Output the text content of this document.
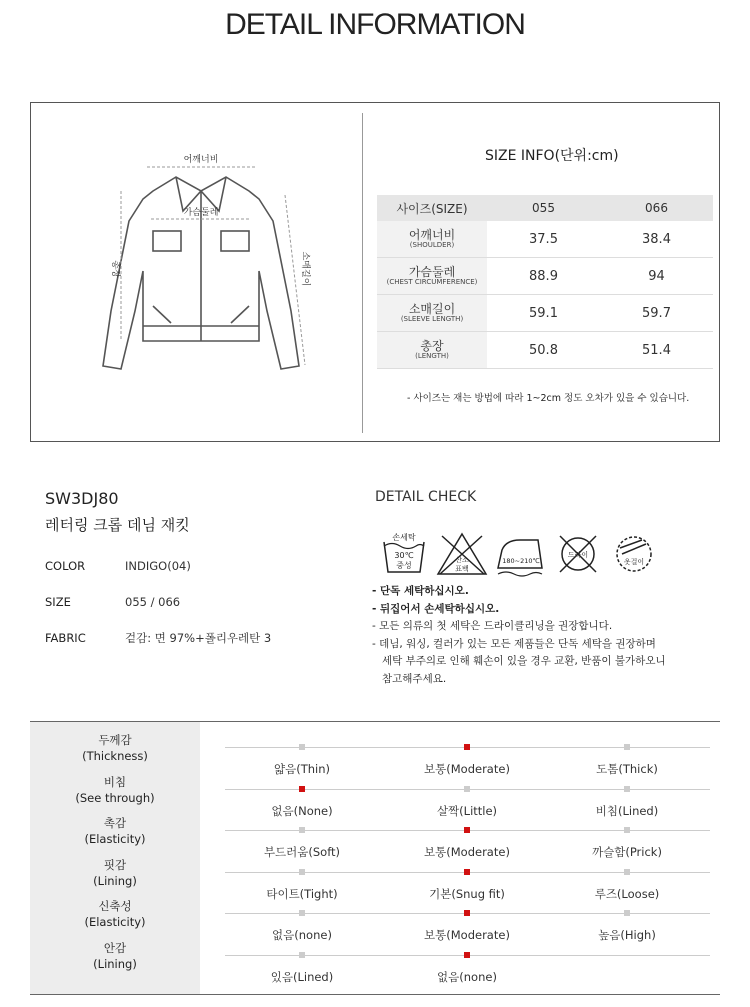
DETAIL INFORMATION
어깨너비
가슴둘레
총장	소매길이
SIZE INFO(단위:cm)
사이즈(SIZE)	055	066

어깨너비
(SHOULDER)	37.5	38.4

가슴둘레
(CHEST CIRCUMFERENCE)	88.9	94

소매길이
(SLEEVE LENGTH)	59.1	59.7

총장
(LENGTH)	50.8	51.4
- 사이즈는 재는 방법에 따라 1~2cm 정도 오차가 있을 수 있습니다.
SW3DJ80
레터링 크롭 데님 재킷
COLOR	INDIGO(04)
SIZE	055 / 066
FABRIC	겉감: 면 97%+폴리우레탄 3
DETAIL CHECK
손세탁
30℃
중성
산소
표백
180~210℃
드라이
옷걸이
- 단독 세탁하십시오.
- 뒤집어서 손세탁하십시오.
- 모든 의류의 첫 세탁은 드라이클리닝을 권장합니다.
- 데님, 워싱, 컬러가 있는 모든 제품들은 단독 세탁을 권장하며
세탁 부주의로 인해 훼손이 있을 경우 교환, 반품이 불가하오니
참고해주세요.
두께감
(Thickness)
얇음(Thin)	보통(Moderate)	도톰(Thick)
비침
(See through)
없음(None)	살짝(Little)	비침(Lined)
촉감
(Elasticity)
부드러움(Soft)	보통(Moderate)	까슬함(Prick)
핏감
(Lining)
타이트(Tight)	기본(Snug fit)	루즈(Loose)
신축성
(Elasticity)
없음(none)	보통(Moderate)	높음(High)
안감
(Lining)
있음(Lined)	없음(none)
